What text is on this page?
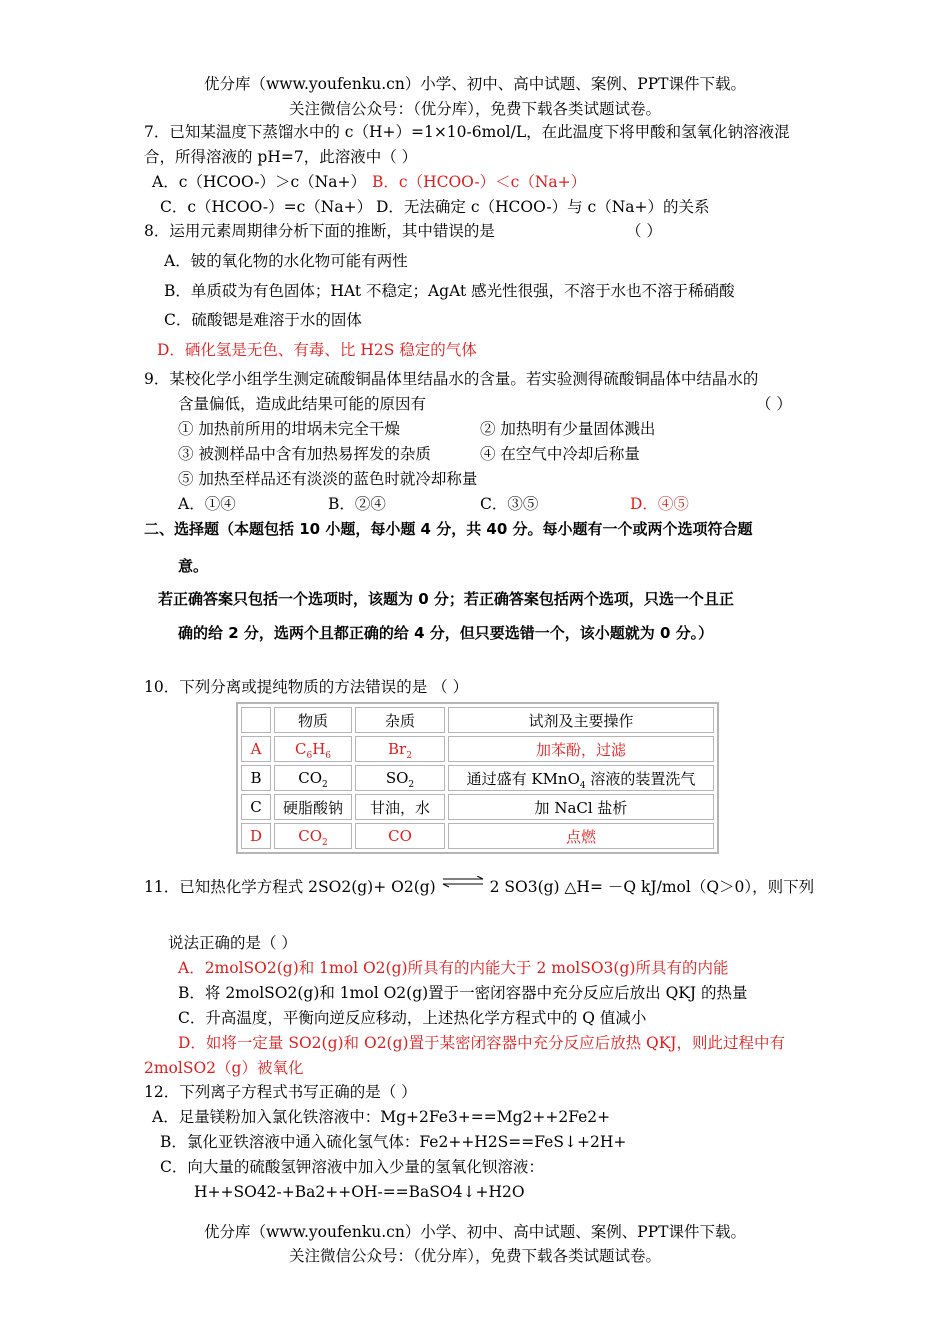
优分库（www.youfenku.cn）小学、初中、高中试题、案例、PPT课件下载。
关注微信公众号：（优分库），免费下载各类试题试卷。
7．已知某温度下蒸馏水中的 c（H+）=1×10-6mol/L，在此温度下将甲酸和氢氧化钠溶液混
合，所得溶液的 pH=7，此溶液中（ ）
A．c（HCOO-）＞c（Na+） B．c（HCOO-）＜c（Na+）
C．c（HCOO-）=c（Na+） D．无法确定 c（HCOO-）与 c（Na+）的关系
8．运用元素周期律分析下面的推断，其中错误的是	（ ）
A．铍的氧化物的水化物可能有两性
B．单质砹为有色固体；HAt 不稳定；AgAt 感光性很强，不溶于水也不溶于稀硝酸
C．硫酸锶是难溶于水的固体
D．硒化氢是无色、有毒、比 H2S 稳定的气体
9．某校化学小组学生测定硫酸铜晶体里结晶水的含量。若实验测得硫酸铜晶体中结晶水的
含量偏低，造成此结果可能的原因有	（ ）
① 加热前所用的坩埚未完全干燥	② 加热明有少量固体溅出
③ 被测样品中含有加热易挥发的杂质	④ 在空气中冷却后称量
⑤ 加热至样品还有淡淡的蓝色时就冷却称量
A．①④	B．②④	C．③⑤	D．④⑤
二、选择题（本题包括 10 小题，每小题 4 分，共 40 分。每小题有一个或两个选项符合题
意。
若正确答案只包括一个选项时，该题为 0 分；若正确答案包括两个选项，只选一个且正
确的给 2 分，选两个且都正确的给 4 分，但只要选错一个，该小题就为 0 分。）
10．下列分离或提纯物质的方法错误的是 （ ）
	物质	杂质	试剂及主要操作
A	$C_6H_6$	$Br_2$	加苯酚，过滤
B	$CO_2$	$SO_2$	通过盛有 KMnO$_4$ 溶液的装置洗气
C	硬脂酸钠	甘油，水	加 NaCl 盐析
D	$CO_2$	CO	点燃
11．已知热化学方程式 2SO2(g)+ O2(g) ⇌ 2 SO3(g) △H= －Q kJ/mol（Q＞0），则下列
说法正确的是（ ）
A．2molSO2(g)和 1mol O2(g)所具有的内能大于 2 molSO3(g)所具有的内能
B．将 2molSO2(g)和 1mol O2(g)置于一密闭容器中充分反应后放出 QKJ 的热量
C．升高温度，平衡向逆反应移动，上述热化学方程式中的 Q 值减小
D．如将一定量 SO2(g)和 O2(g)置于某密闭容器中充分反应后放热 QKJ，则此过程中有
2molSO2（g）被氧化
12．下列离子方程式书写正确的是（ ）
A．足量镁粉加入氯化铁溶液中：Mg+2Fe3+==Mg2++2Fe2+
B．氯化亚铁溶液中通入硫化氢气体：Fe2++H2S==FeS↓+2H+
C．向大量的硫酸氢钾溶液中加入少量的氢氧化钡溶液：
H++SO42-+Ba2++OH-==BaSO4↓+H2O
优分库（www.youfenku.cn）小学、初中、高中试题、案例、PPT课件下载。
关注微信公众号：（优分库），免费下载各类试题试卷。
